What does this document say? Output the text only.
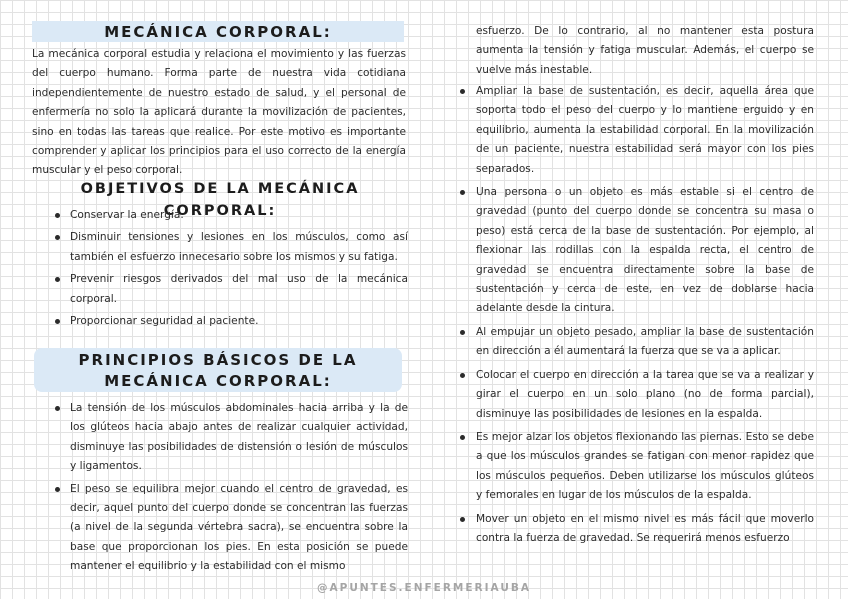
MECÁNICA CORPORAL:

La mecánica corporal estudia y relaciona el movimiento y las fuerzas del cuerpo humano. Forma parte de nuestra vida cotidiana independientemente de nuestro estado de salud, y el personal de enfermería no solo la aplicará durante la movilización de pacientes, sino en todas las tareas que realice. Por este motivo es importante comprender y aplicar los principios para el uso correcto de la energía muscular y el peso corporal.

OBJETIVOS DE LA MECÁNICA CORPORAL:
Conservar la energía.
Disminuir tensiones y lesiones en los músculos, como así también el esfuerzo innecesario sobre los mismos y su fatiga.
Prevenir riesgos derivados del mal uso de la mecánica corporal.
Proporcionar seguridad al paciente.
PRINCIPIOS BÁSICOS DE LA MECÁNICA CORPORAL:
La tensión de los músculos abdominales hacia arriba y la de los glúteos hacia abajo antes de realizar cualquier actividad, disminuye las posibilidades de distensión o lesión de músculos y ligamentos.
El peso se equilibra mejor cuando el centro de gravedad, es decir, aquel punto del cuerpo donde se concentran las fuerzas (a nivel de la segunda vértebra sacra), se encuentra sobre la base que proporcionan los pies. En esta posición se puede mantener el equilibrio y la estabilidad con el mismo

esfuerzo. De lo contrario, al no mantener esta postura aumenta la tensión y fatiga muscular. Además, el cuerpo se vuelve más inestable.

Ampliar la base de sustentación, es decir, aquella área que soporta todo el peso del cuerpo y lo mantiene erguido y en equilibrio, aumenta la estabilidad corporal. En la movilización de un paciente, nuestra estabilidad será mayor con los pies separados.
Una persona o un objeto es más estable si el centro de gravedad (punto del cuerpo donde se concentra su masa o peso) está cerca de la base de sustentación. Por ejemplo, al flexionar las rodillas con la espalda recta, el centro de gravedad se encuentra directamente sobre la base de sustentación y cerca de este, en vez de doblarse hacia adelante desde la cintura.
Al empujar un objeto pesado, ampliar la base de sustentación en dirección a él aumentará la fuerza que se va a aplicar.
Colocar el cuerpo en dirección a la tarea que se va a realizar y girar el cuerpo en un solo plano (no de forma parcial), disminuye las posibilidades de lesiones en la espalda.
Es mejor alzar los objetos flexionando las piernas. Esto se debe a que los músculos grandes se fatigan con menor rapidez que los músculos pequeños. Deben utilizarse los músculos glúteos y femorales en lugar de los músculos de la espalda.
Mover un objeto en el mismo nivel es más fácil que moverlo contra la fuerza de gravedad. Se requerirá menos esfuerzo
@APUNTES.ENFERMERIAUBA
